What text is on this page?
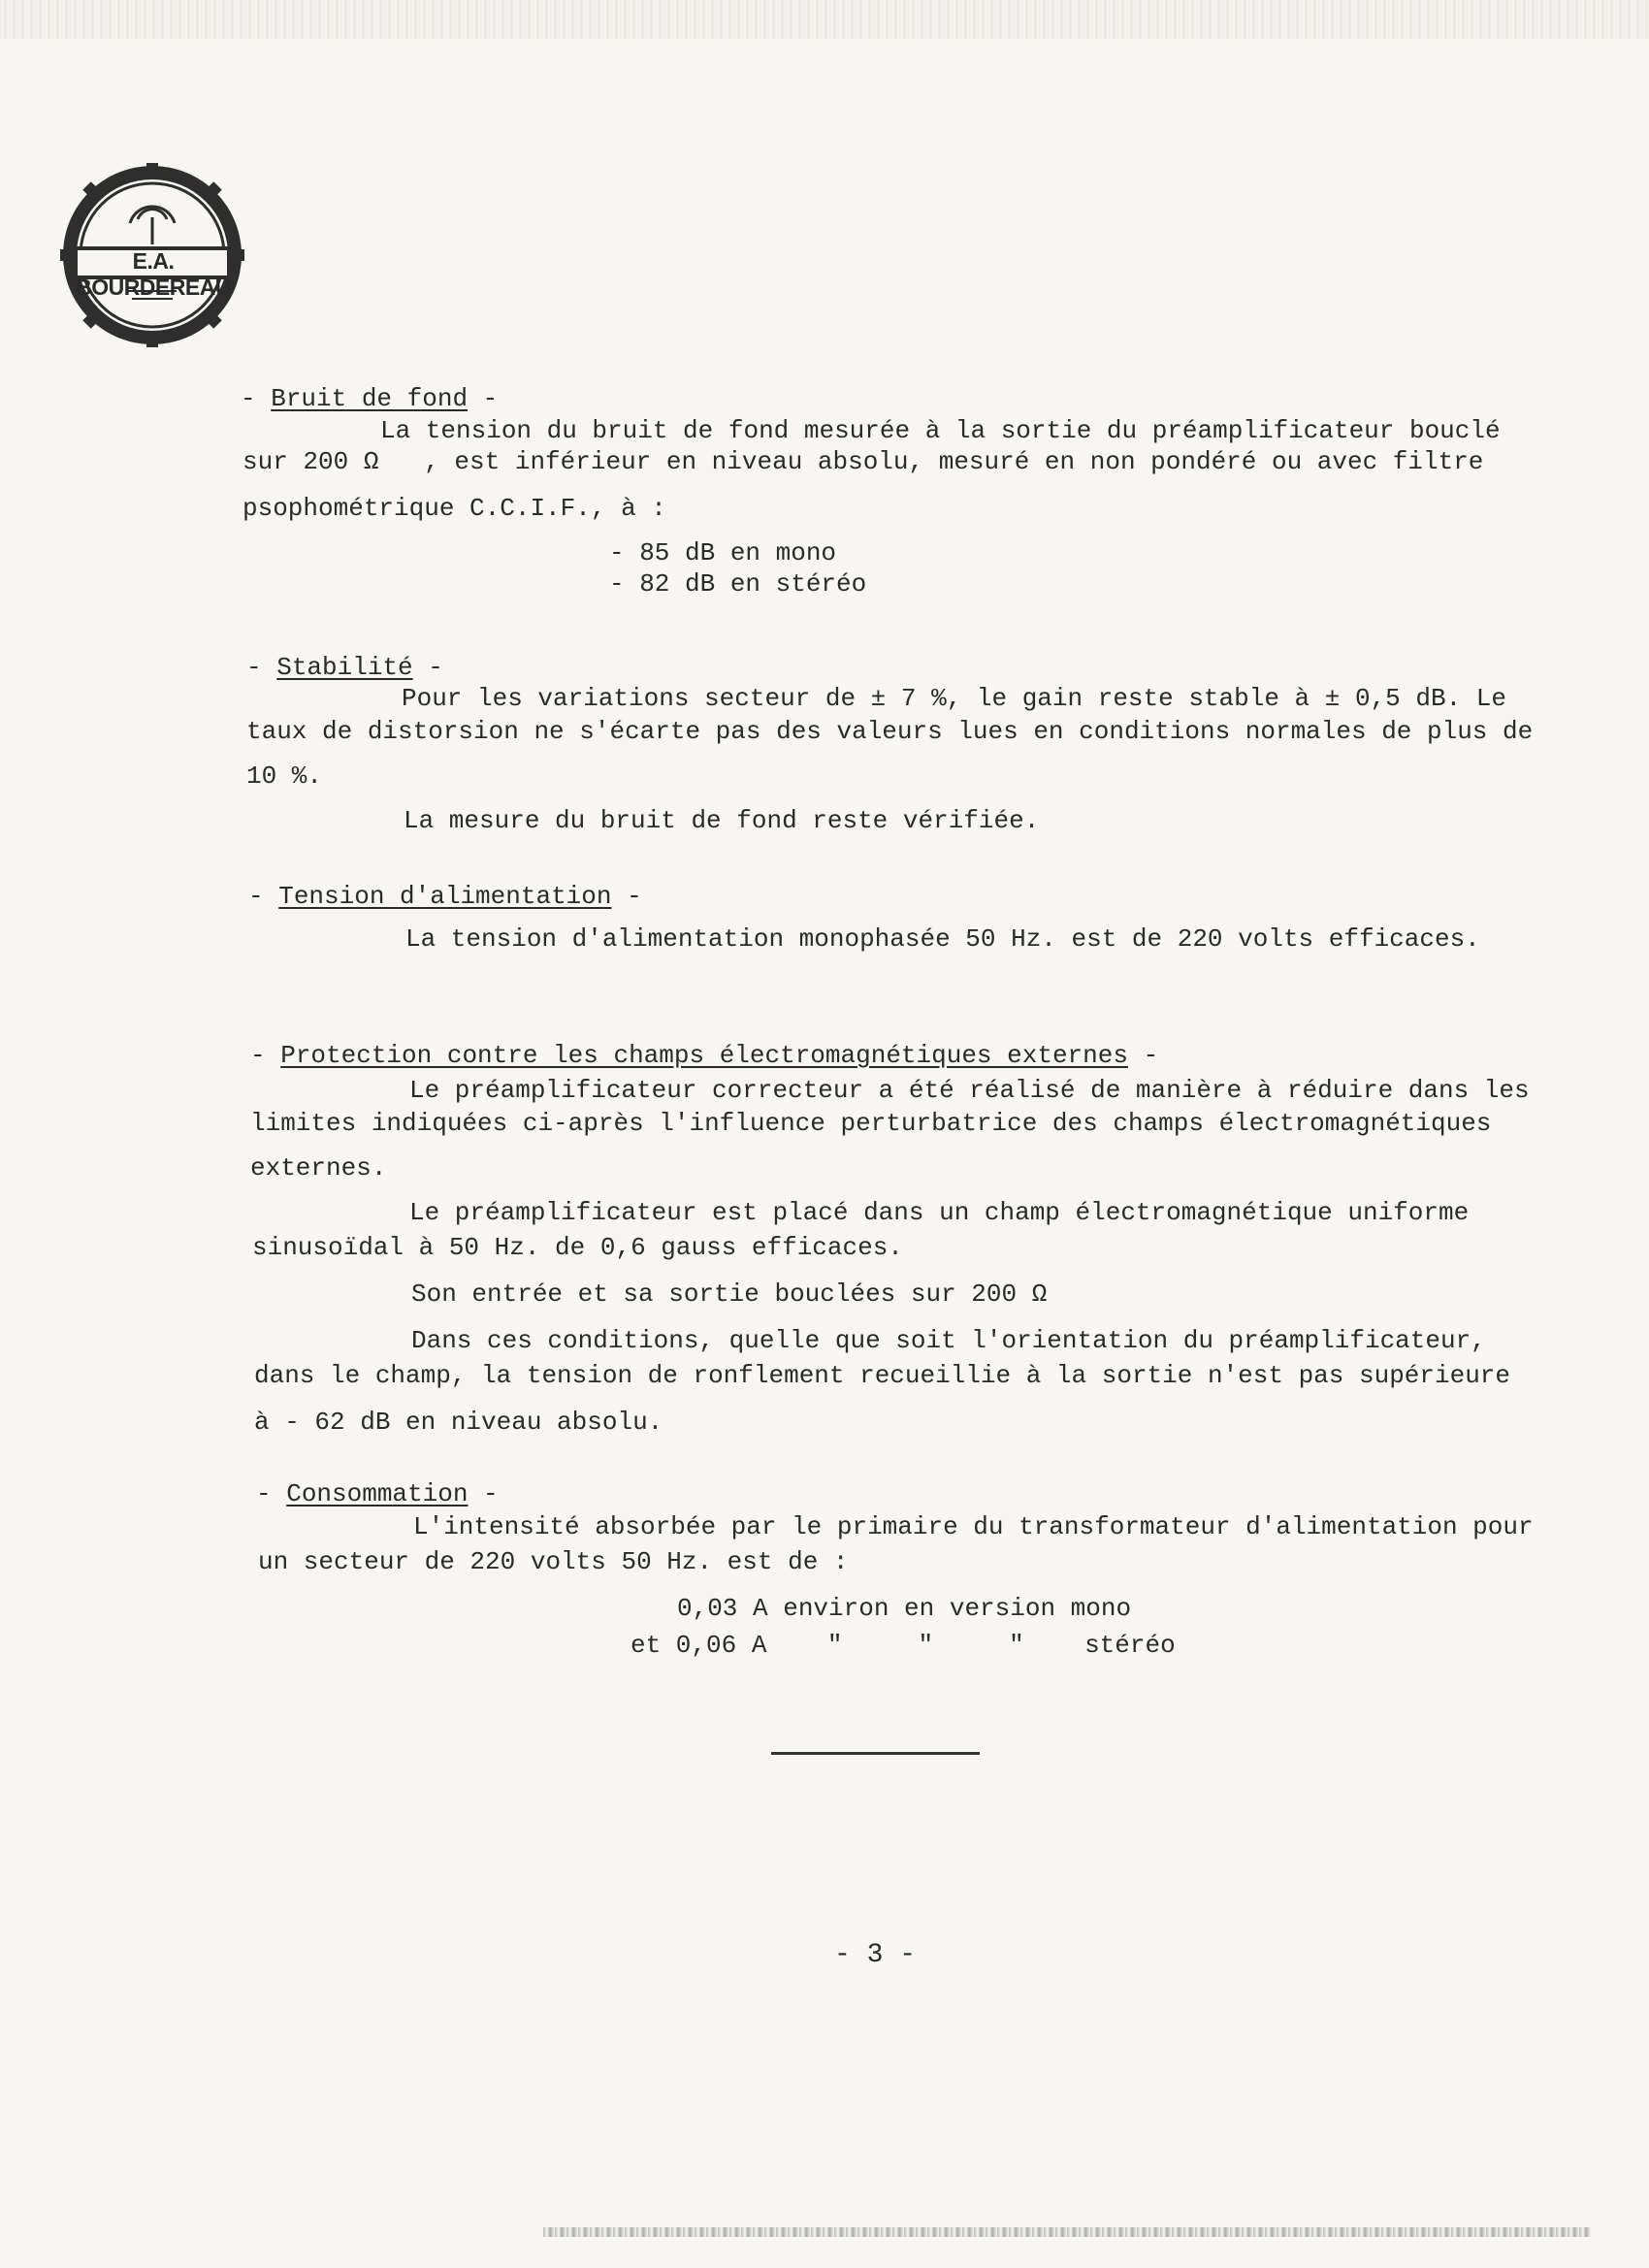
E.A. BOURDEREAU
- Bruit de fond -
La tension du bruit de fond mesurée à la sortie du préamplificateur bouclé
sur 200 Ω   , est inférieur en niveau absolu, mesuré en non pondéré ou avec filtre
psophométrique C.C.I.F., à :
- 85 dB en mono
- 82 dB en stéréo
- Stabilité -
Pour les variations secteur de ± 7 %, le gain reste stable à ± 0,5 dB. Le
taux de distorsion ne s'écarte pas des valeurs lues en conditions normales de plus de
10 %.
La mesure du bruit de fond reste vérifiée.
- Tension d'alimentation -
La tension d'alimentation monophasée 50 Hz. est de 220 volts efficaces.
- Protection contre les champs électromagnétiques externes -
Le préamplificateur correcteur a été réalisé de manière à réduire dans les
limites indiquées ci-après l'influence perturbatrice des champs électromagnétiques
externes.
Le préamplificateur est placé dans un champ électromagnétique uniforme
sinusoïdal à 50 Hz. de 0,6 gauss efficaces.
Son entrée et sa sortie bouclées sur 200 Ω
Dans ces conditions, quelle que soit l'orientation du préamplificateur,
dans le champ, la tension de ronflement recueillie à la sortie n'est pas supérieure
à - 62 dB en niveau absolu.
- Consommation -
L'intensité absorbée par le primaire du transformateur d'alimentation pour
un secteur de 220 volts 50 Hz. est de :
0,03 A environ en version mono
et 0,06 A    "     "     "    stéréo
- 3 -
